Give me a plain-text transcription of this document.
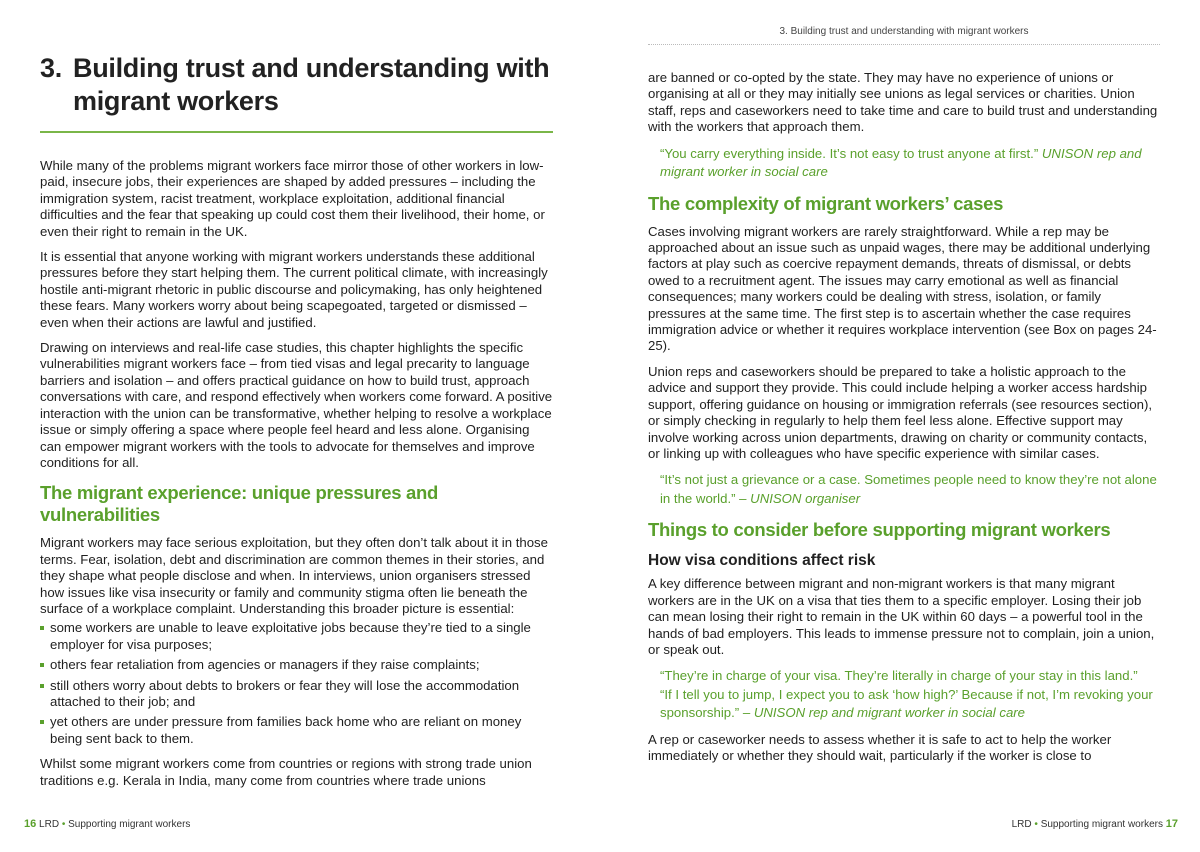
3. Building trust and understanding with migrant workers

While many of the problems migrant workers face mirror those of other workers in low-paid, insecure jobs, their experiences are shaped by added pressures – including the immigration system, racist treatment, workplace exploitation, additional financial difficulties and the fear that speaking up could cost them their livelihood, their home, or even their right to remain in the UK.

It is essential that anyone working with migrant workers understands these additional pressures before they start helping them. The current political climate, with increasingly hostile anti-migrant rhetoric in public discourse and policymaking, has only heightened these fears. Many workers worry about being scapegoated, targeted or dismissed – even when their actions are lawful and justified.

Drawing on interviews and real-life case studies, this chapter highlights the specific vulnerabilities migrant workers face – from tied visas and legal precarity to language barriers and isolation – and offers practical guidance on how to build trust, approach conversations with care, and respond effectively when workers come forward. A positive interaction with the union can be transformative, whether helping to resolve a workplace issue or simply offering a space where people feel heard and less alone. Organising can empower migrant workers with the tools to advocate for themselves and improve conditions for all.

The migrant experience: unique pressures and vulnerabilities

Migrant workers may face serious exploitation, but they often don’t talk about it in those terms. Fear, isolation, debt and discrimination are common themes in their stories, and they shape what people disclose and when. In interviews, union organisers stressed how issues like visa insecurity or family and community stigma often lie beneath the surface of a workplace complaint. Understanding this broader picture is essential:

some workers are unable to leave exploitative jobs because they’re tied to a single employer for visa purposes;
others fear retaliation from agencies or managers if they raise complaints;
still others worry about debts to brokers or fear they will lose the accommodation attached to their job; and
yet others are under pressure from families back home who are reliant on money being sent back to them.

Whilst some migrant workers come from countries or regions with strong trade union traditions e.g. Kerala in India, many come from countries where trade unions

16 LRD • Supporting migrant workers
3. Building trust and understanding with migrant workers

are banned or co-opted by the state. They may have no experience of unions or organising at all or they may initially see unions as legal services or charities. Union staff, reps and caseworkers need to take time and care to build trust and understanding with the workers that approach them.

“You carry everything inside. It’s not easy to trust anyone at first.” UNISON rep and migrant worker in social care

The complexity of migrant workers’ cases

Cases involving migrant workers are rarely straightforward. While a rep may be approached about an issue such as unpaid wages, there may be additional underlying factors at play such as coercive repayment demands, threats of dismissal, or debts owed to a recruitment agent. The issues may carry emotional as well as financial consequences; many workers could be dealing with stress, isolation, or family pressures at the same time. The first step is to ascertain whether the case requires immigration advice or whether it requires workplace intervention (see Box on pages 24-25).

Union reps and caseworkers should be prepared to take a holistic approach to the advice and support they provide. This could include helping a worker access hardship support, offering guidance on housing or immigration referrals (see resources section), or simply checking in regularly to help them feel less alone. Effective support may involve working across union departments, drawing on charity or community contacts, or linking up with colleagues who have specific experience with similar cases.

“It’s not just a grievance or a case. Sometimes people need to know they’re not alone in the world.” – UNISON organiser

Things to consider before supporting migrant workers
How visa conditions affect risk

A key difference between migrant and non-migrant workers is that many migrant workers are in the UK on a visa that ties them to a specific employer. Losing their job can mean losing their right to remain in the UK within 60 days – a powerful tool in the hands of bad employers. This leads to immense pressure not to complain, join a union, or speak out.

“They’re in charge of your visa. They’re literally in charge of your stay in this land.”
“If I tell you to jump, I expect you to ask ‘how high?’ Because if not, I’m revoking your sponsorship.” – UNISON rep and migrant worker in social care

A rep or caseworker needs to assess whether it is safe to act to help the worker immediately or whether they should wait, particularly if the worker is close to

LRD • Supporting migrant workers 17
